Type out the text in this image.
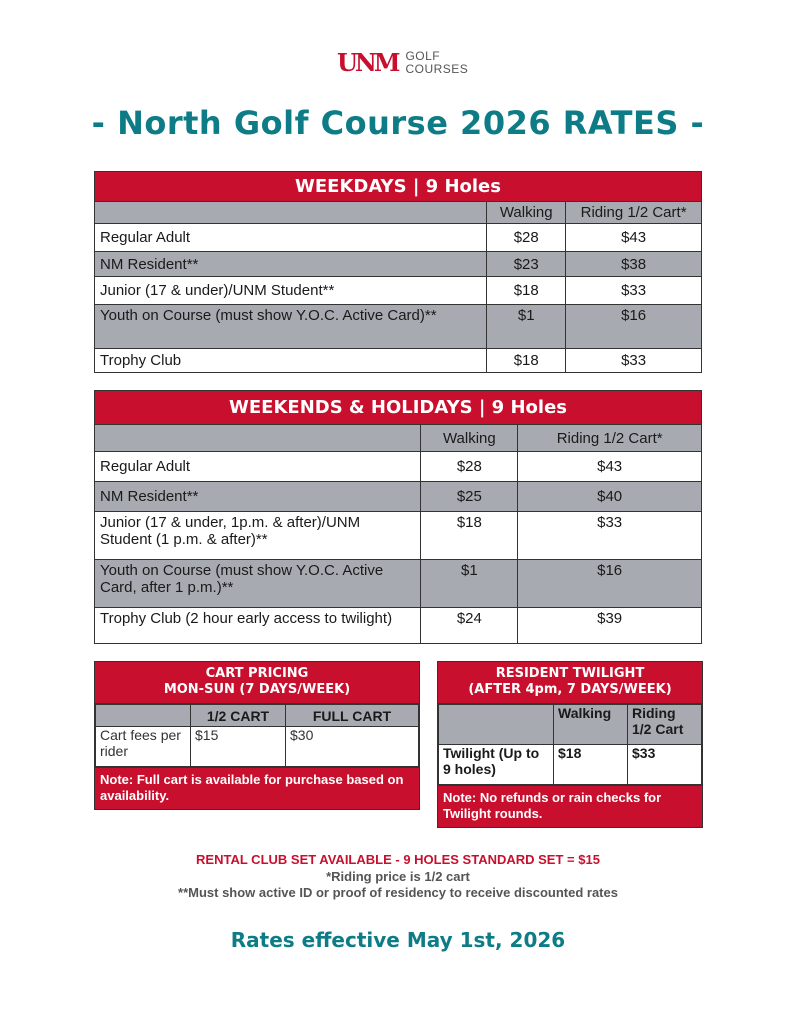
UNM GOLF
COURSES
- North Golf Course 2026 RATES -
WEEKDAYS | 9 Holes		
	Walking	Riding 1/2 Cart*
Regular Adult	$28	$43
NM Resident**	$23	$38
Junior (17 & under)/UNM Student**	$18	$33
Youth on Course (must show Y.O.C. Active Card)**	$1	$16
Trophy Club	$18	$33
WEEKENDS & HOLIDAYS | 9 Holes		
	Walking	Riding 1/2 Cart*
Regular Adult	$28	$43
NM Resident**	$25	$40
Junior (17 & under, 1p.m. & after)/UNM Student (1 p.m. & after)**	$18	$33
Youth on Course (must show Y.O.C. Active Card, after 1 p.m.)**	$1	$16
Trophy Club (2 hour early access to twilight)	$24	$39
CART PRICING
MON-SUN (7 DAYS/WEEK)
	1/2 CART	FULL CART
Cart fees per rider	$15	$30
Note: Full cart is available for purchase based on availability.
RESIDENT TWILIGHT
(AFTER 4pm, 7 DAYS/WEEK)
	Walking	Riding 1/2 Cart
Twilight (Up to 9 holes)	$18	$33
Note: No refunds or rain checks for Twilight rounds.
RENTAL CLUB SET AVAILABLE - 9 HOLES STANDARD SET = $15
*Riding price is 1/2 cart
**Must show active ID or proof of residency to receive discounted rates
Rates effective May 1st, 2026
